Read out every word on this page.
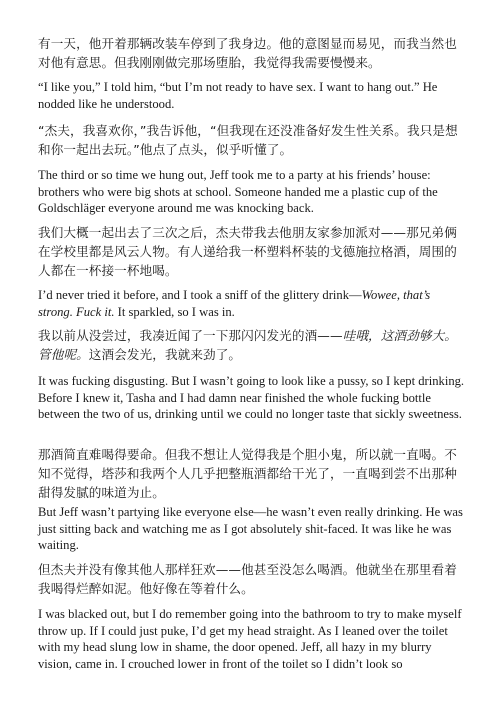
有一天，他开着那辆改装车停到了我身边。他的意图显而易见，而我当然也对他有意思。但我刚刚做完那场堕胎，我觉得我需要慢慢来。

“I like you,” I told him, “but I’m not ready to have sex. I want to hang out.” He nodded like he understood.

“杰夫，我喜欢你，”我告诉他，“但我现在还没准备好发生性关系。我只是想和你一起出去玩。”他点了点头，似乎听懂了。

The third or so time we hung out, Jeff took me to a party at his friends’ house: brothers who were big shots at school. Someone handed me a plastic cup of the Goldschläger everyone around me was knocking back.

我们大概一起出去了三次之后，杰夫带我去他朋友家参加派对——那兄弟俩在学校里都是风云人物。有人递给我一杯塑料杯装的戈德施拉格酒，周围的人都在一杯接一杯地喝。

I’d never tried it before, and I took a sniff of the glittery drink—Wowee, that’s strong. Fuck it. It sparkled, so I was in.

我以前从没尝过，我凑近闻了一下那闪闪发光的酒——哇哦，这酒劲够大。管他呢。这酒会发光，我就来劲了。

It was fucking disgusting. But I wasn’t going to look like a pussy, so I kept drinking. Before I knew it, Tasha and I had damn near finished the whole fucking bottle between the two of us, drinking until we could no longer taste that sickly sweetness.

那酒简直难喝得要命。但我不想让人觉得我是个胆小鬼，所以就一直喝。不知不觉得，塔莎和我两个人几乎把整瓶酒都给干光了，一直喝到尝不出那种甜得发腻的味道为止。

But Jeff wasn’t partying like everyone else—he wasn’t even really drinking. He was just sitting back and watching me as I got absolutely shit-faced. It was like he was waiting.

但杰夫并没有像其他人那样狂欢——他甚至没怎么喝酒。他就坐在那里看着我喝得烂醉如泥。他好像在等着什么。

I was blacked out, but I do remember going into the bathroom to try to make myself throw up. If I could just puke, I’d get my head straight. As I leaned over the toilet with my head slung low in shame, the door opened. Jeff, all hazy in my blurry vision, came in. I crouched lower in front of the toilet so I didn’t look so
